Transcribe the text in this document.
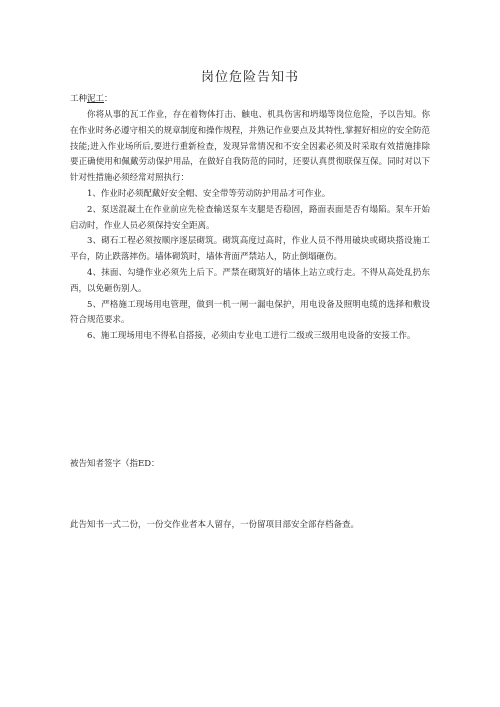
岗位危险告知书
工种泥工：

你将从事的瓦工作业，存在着物体打击、触电、机具伤害和坍塌等岗位危险，予以告知。你在作业时务必遵守相关的规章制度和操作规程，并熟记作业要点及其特性,掌握好相应的安全防范技能;进入作业场所后,要进行重新检查，发现异常情况和不安全因素必须及时采取有效措施排除 要正确使用和佩戴劳动保护用品，在做好自我防范的同时，还要认真贯彻联保互保。同时对以下针对性措施必须经常对照执行：

1、作业时必须配戴好安全帽、安全带等劳动防护用品才可作业。

2、泵送混凝土在作业前应先检查输送泵车支腿是否稳固，路面表面是否有塌陷。泵车开始启动时，作业人员必须保持安全距离。

3、砌石工程必须按顺序逐层砌筑。砌筑高度过高时，作业人员不得用破块或砌块搭设施工平台，防止跌落摔伤。墙体砌筑时，墙体背面严禁站人，防止倒塌砸伤。

4、抹面、勾缝作业必须先上后下。严禁在砌筑好的墙体上站立或行走。不得从高处乱扔东西，以免砸伤别人。

5、严格施工现场用电管理，做到一机一闸一漏电保护，用电设备及照明电缆的选择和敷设符合规范要求。

6、施工现场用电不得私自搭接，必须由专业电工进行二级或三级用电设备的安接工作。

被告知者签字（指ED：
此告知书一式二份，一份交作业者本人留存，一份留项目部安全部存档备查。
